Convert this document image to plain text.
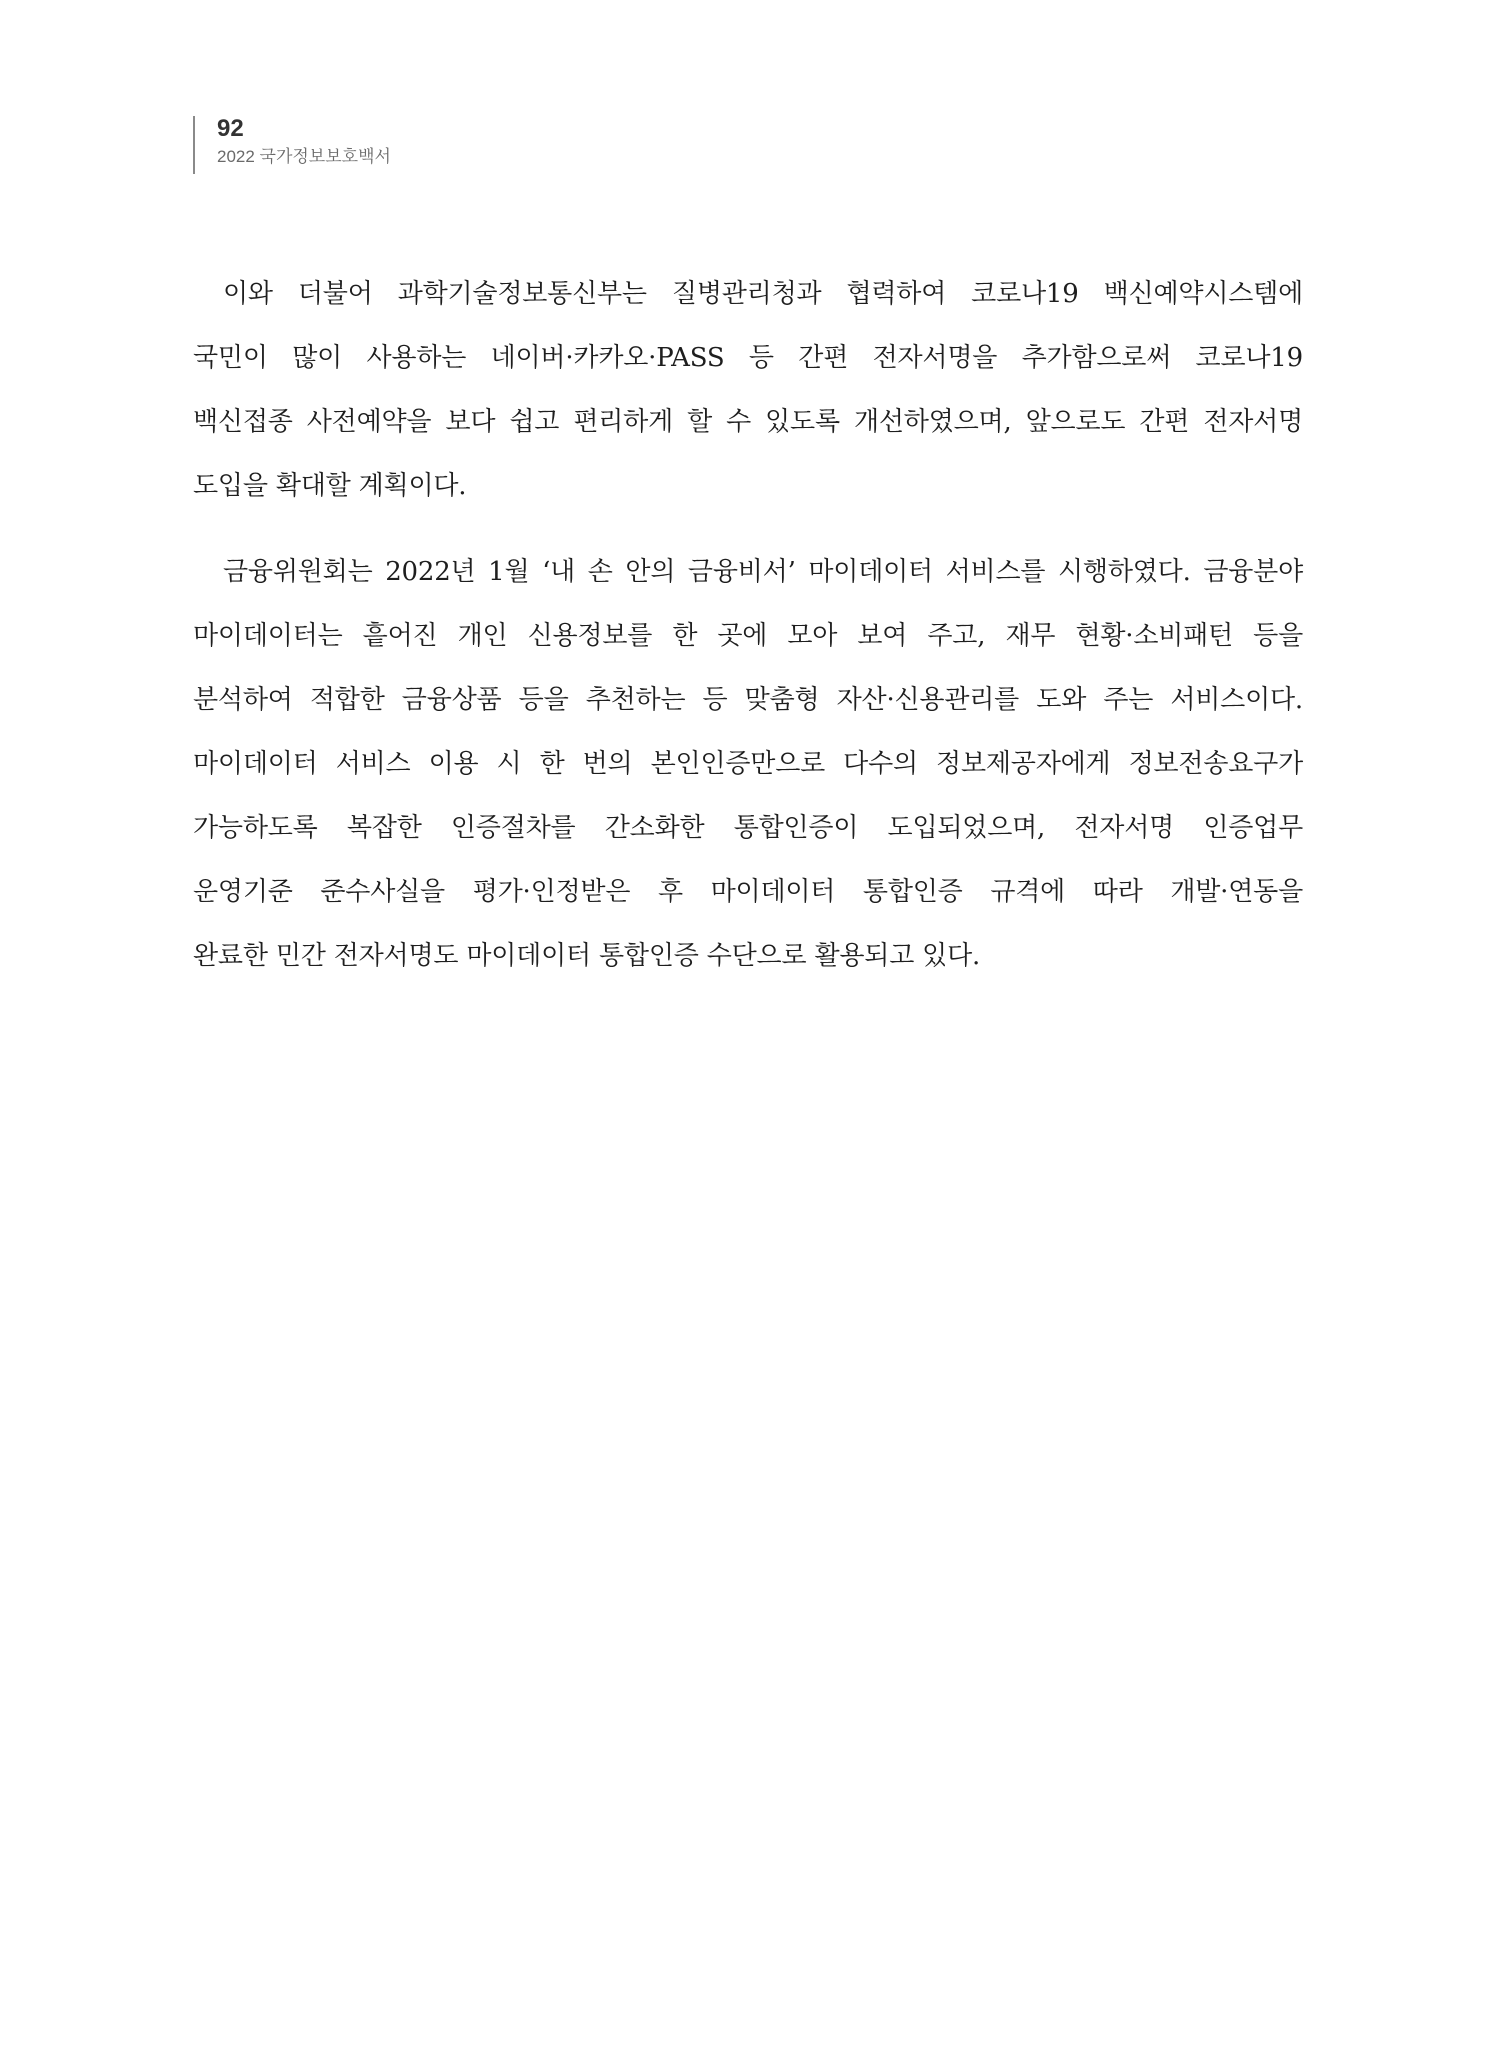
92
2022 국가정보보호백서
이와 더불어 과학기술정보통신부는 질병관리청과 협력하여 코로나19 백신예약시스템에
국민이 많이 사용하는 네이버·카카오·PASS 등 간편 전자서명을 추가함으로써 코로나19
백신접종 사전예약을 보다 쉽고 편리하게 할 수 있도록 개선하였으며, 앞으로도 간편 전자서명
도입을 확대할 계획이다.
금융위원회는 2022년 1월 ‘내 손 안의 금융비서’ 마이데이터 서비스를 시행하였다. 금융분야
마이데이터는 흩어진 개인 신용정보를 한 곳에 모아 보여 주고, 재무 현황·소비패턴 등을
분석하여 적합한 금융상품 등을 추천하는 등 맞춤형 자산·신용관리를 도와 주는 서비스이다.
마이데이터 서비스 이용 시 한 번의 본인인증만으로 다수의 정보제공자에게 정보전송요구가
가능하도록 복잡한 인증절차를 간소화한 통합인증이 도입되었으며, 전자서명 인증업무
운영기준 준수사실을 평가·인정받은 후 마이데이터 통합인증 규격에 따라 개발·연동을
완료한 민간 전자서명도 마이데이터 통합인증 수단으로 활용되고 있다.
